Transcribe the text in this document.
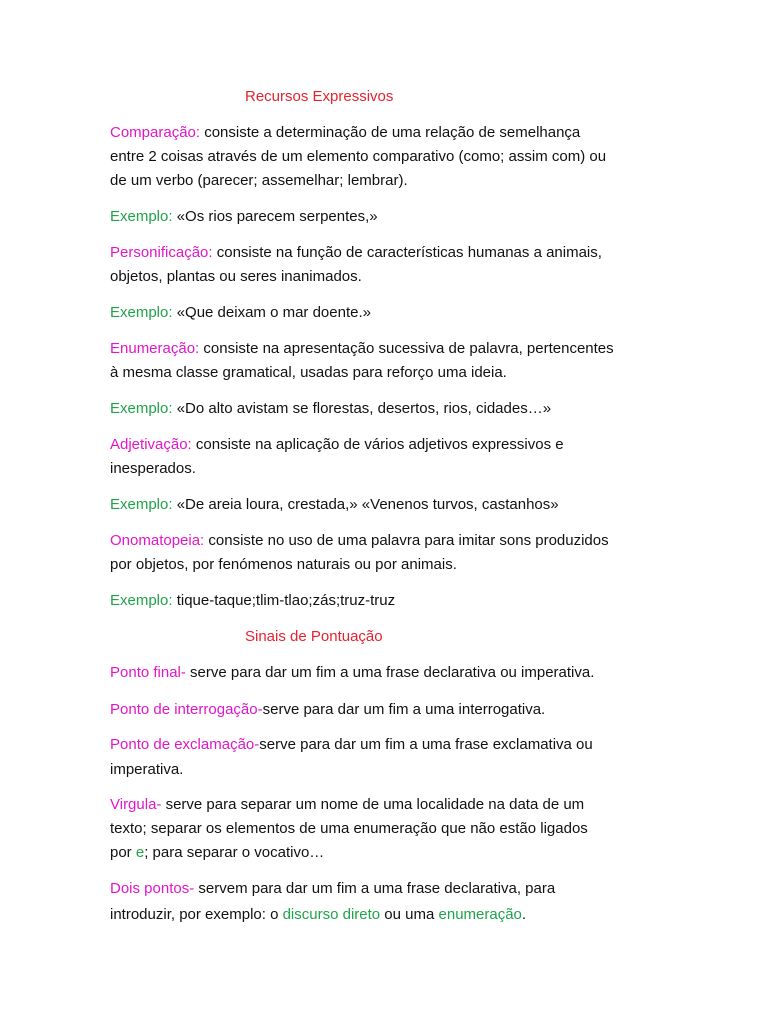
Recursos Expressivos
Comparação: consiste a determinação de uma relação de semelhança
entre 2 coisas através de um elemento comparativo (como; assim com) ou
de um verbo (parecer; assemelhar; lembrar).
Exemplo: «Os rios parecem serpentes,»
Personificação: consiste na função de características humanas a animais,
objetos, plantas ou seres inanimados.
Exemplo: «Que deixam o mar doente.»
Enumeração: consiste na apresentação sucessiva de palavra, pertencentes
à mesma classe gramatical, usadas para reforço uma ideia.
Exemplo: «Do alto avistam se florestas, desertos, rios, cidades…»
Adjetivação: consiste na aplicação de vários adjetivos expressivos e
inesperados.
Exemplo: «De areia loura, crestada,» «Venenos turvos, castanhos»
Onomatopeia: consiste no uso de uma palavra para imitar sons produzidos
por objetos, por fenómenos naturais ou por animais.
Exemplo: tique-taque;tlim-tlao;zás;truz-truz
Sinais de Pontuação
Ponto final- serve para dar um fim a uma frase declarativa ou imperativa.
Ponto de interrogação-serve para dar um fim a uma interrogativa.
Ponto de exclamação-serve para dar um fim a uma frase exclamativa ou
imperativa.
Virgula- serve para separar um nome de uma localidade na data de um
texto; separar os elementos de uma enumeração que não estão ligados
por e; para separar o vocativo…
Dois pontos- servem para dar um fim a uma frase declarativa, para
introduzir, por exemplo: o discurso direto ou uma enumeração.
